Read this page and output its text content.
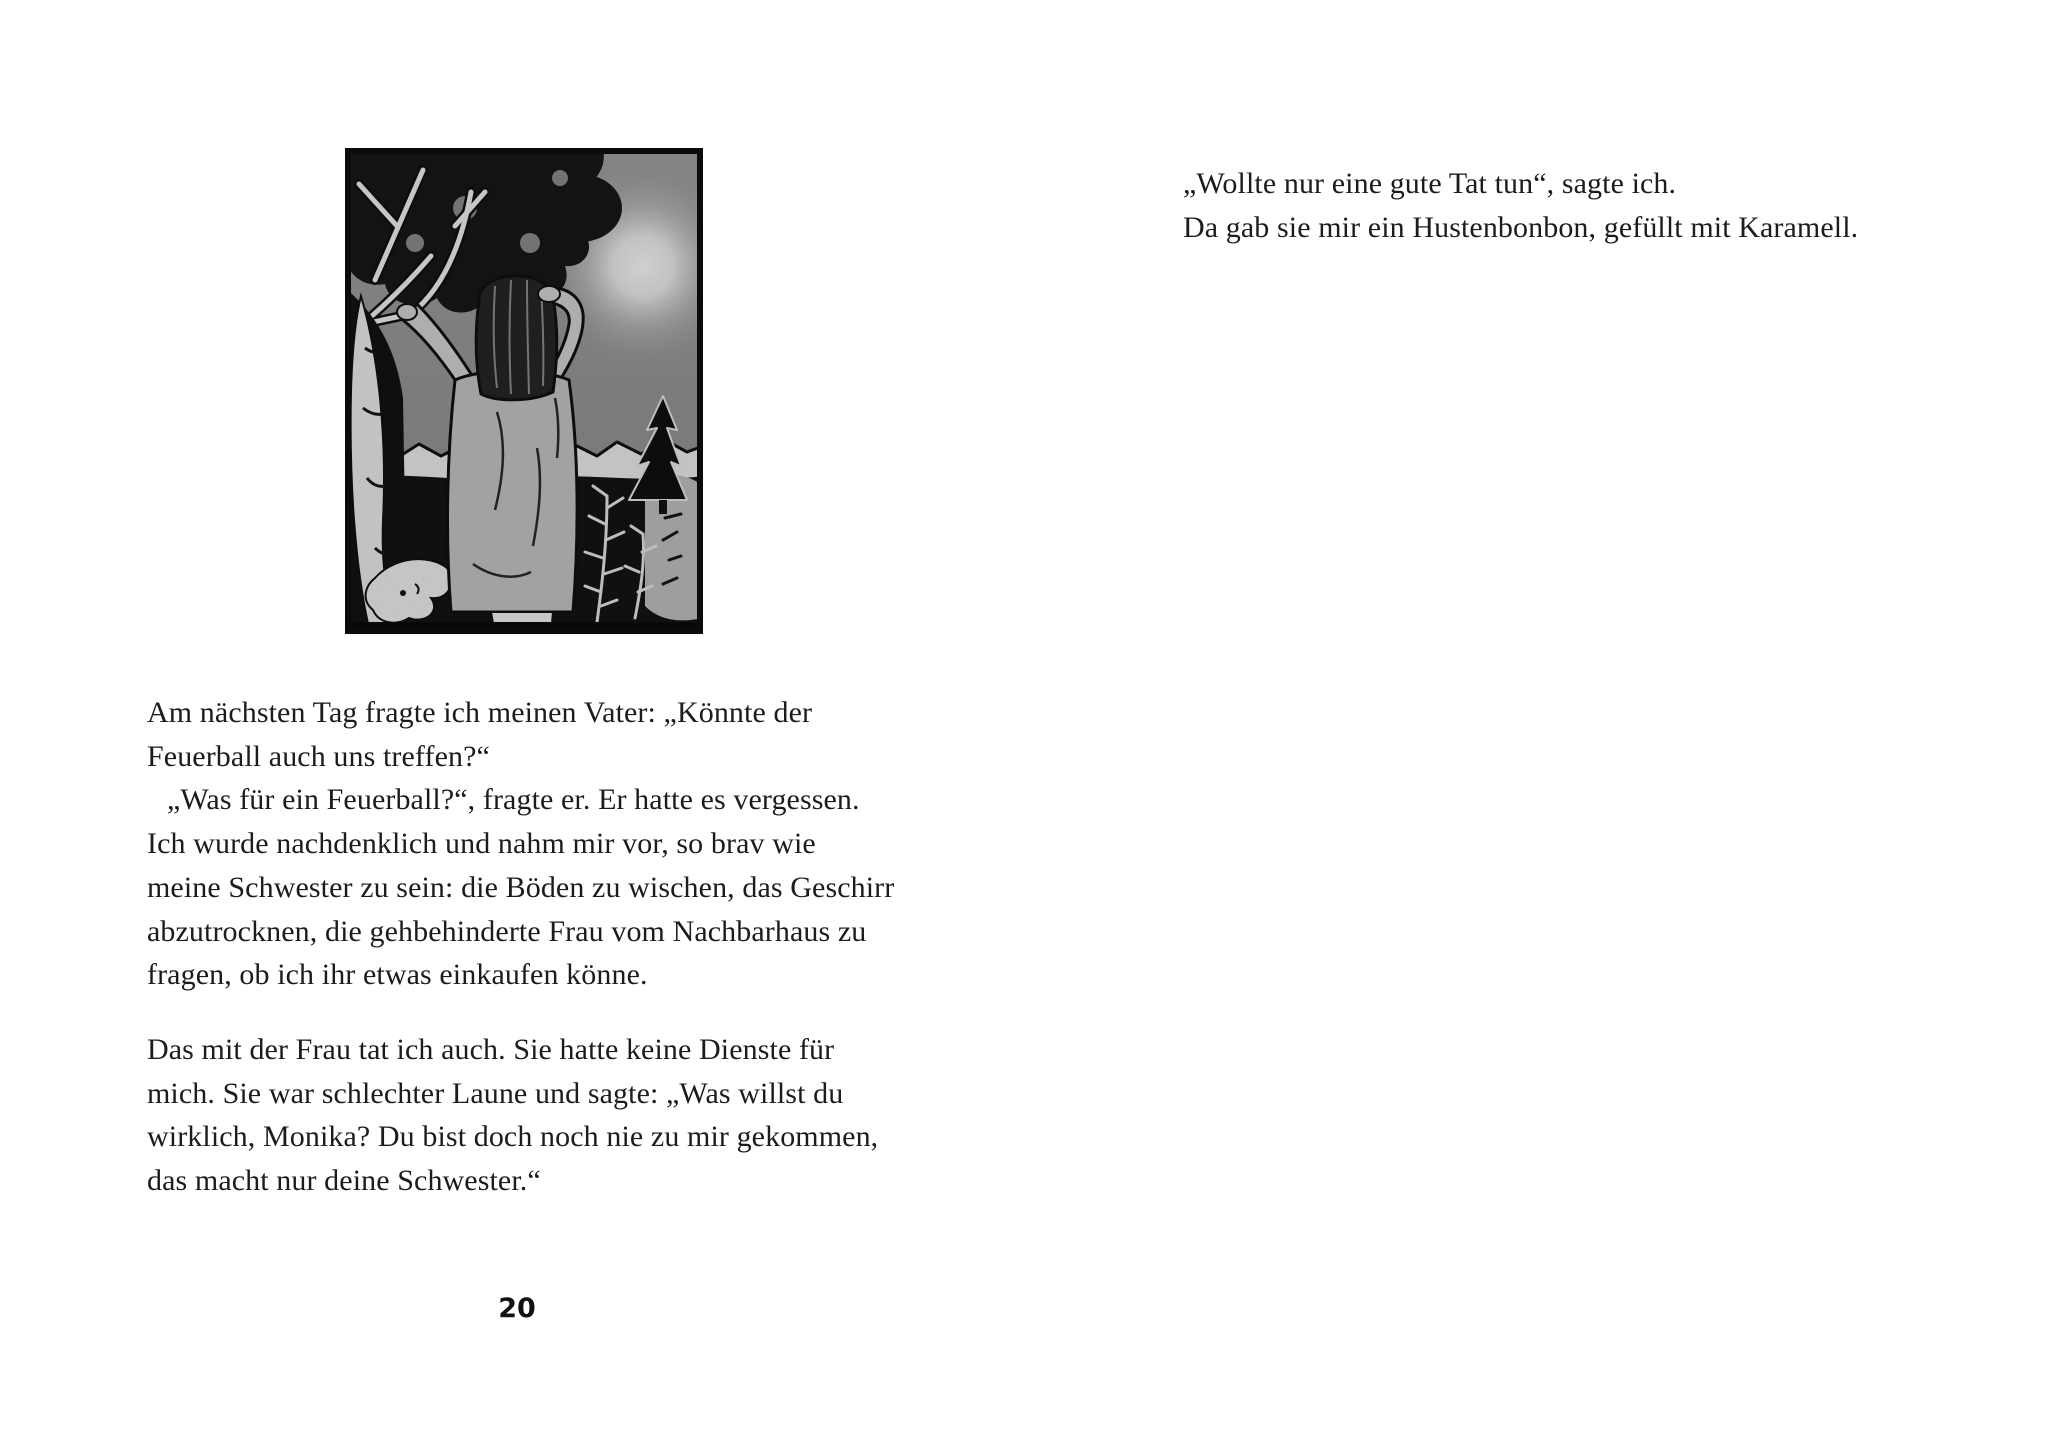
Am nächsten Tag fragte ich meinen Vater: „Könnte der
Feuerball auch uns treffen?“
„Was für ein Feuerball?“, fragte er. Er hatte es vergessen.
Ich wurde nachdenklich und nahm mir vor, so brav wie
meine Schwester zu sein: die Böden zu wischen, das Geschirr
abzutrocknen, die gehbehinderte Frau vom Nachbarhaus zu
fragen, ob ich ihr etwas einkaufen könne.
Das mit der Frau tat ich auch. Sie hatte keine Dienste für
mich. Sie war schlechter Laune und sagte: „Was willst du
wirklich, Monika? Du bist doch noch nie zu mir gekommen,
das macht nur deine Schwester.“
20
„Wollte nur eine gute Tat tun“, sagte ich.
Da gab sie mir ein Hustenbonbon, gefüllt mit Karamell.
